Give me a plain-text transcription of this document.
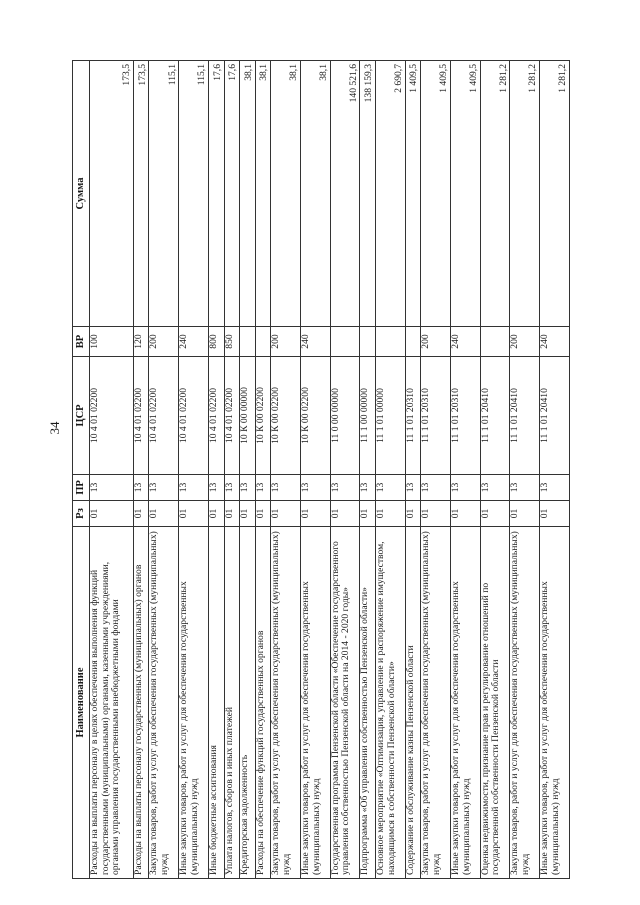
34
Наименование	Рз	ПР	ЦСР	ВР	Сумма
Расходы на выплаты персоналу в целях обеспечения выполнения функций государственными (муниципальными) органами, казенными учреждениями, органами управления государственными внебюджетными фондами	01	13	10 4 01 02200	100	173,5
Расходы на выплаты персоналу государственных (муниципальных) органов	01	13	10 4 01 02200	120	173,5
Закупка товаров, работ и услуг для обеспечения государственных (муниципальных) нужд	01	13	10 4 01 02200	200	115,1
Иные закупки товаров, работ и услуг для обеспечения государственных (муниципальных) нужд	01	13	10 4 01 02200	240	115,1
Иные бюджетные ассигнования	01	13	10 4 01 02200	800	17,6
Уплата налогов, сборов и иных платежей	01	13	10 4 01 02200	850	17,6
Кредиторская задолженность	01	13	10 К 00 00000		38,1
Расходы на обеспечение функций государственных органов	01	13	10 К 00 02200		38,1
Закупка товаров, работ и услуг для обеспечения государственных (муниципальных) нужд	01	13	10 К 00 02200	200	38,1
Иные закупки товаров, работ и услуг для обеспечения государственных (муниципальных) нужд	01	13	10 К 00 02200	240	38,1
Государственная программа Пензенской области «Обеспечение государственного управления собственностью Пензенской области на 2014 - 2020 годы»	01	13	11 0 00 00000		140 521,6
Подпрограмма «Об управлении собственностью Пензенской области»	01	13	11 1 00 00000		138 159,3
Основное мероприятие «Оптимизация, управление и распоряжение имуществом, находящимся в собственности Пензенской области»	01	13	11 1 01 00000		2 690,7
Содержание и обслуживание казны Пензенской области	01	13	11 1 01 20310		1 409,5
Закупка товаров, работ и услуг для обеспечения государственных (муниципальных) нужд	01	13	11 1 01 20310	200	1 409,5
Иные закупки товаров, работ и услуг для обеспечения государственных (муниципальных) нужд	01	13	11 1 01 20310	240	1 409,5
Оценка недвижимости, признание прав и регулирование отношений по государственной собственности Пензенской области	01	13	11 1 01 20410		1 281,2
Закупка товаров, работ и услуг для обеспечения государственных (муниципальных) нужд	01	13	11 1 01 20410	200	1 281,2
Иные закупки товаров, работ и услуг для обеспечения государственных (муниципальных) нужд	01	13	11 1 01 20410	240	1 281,2
